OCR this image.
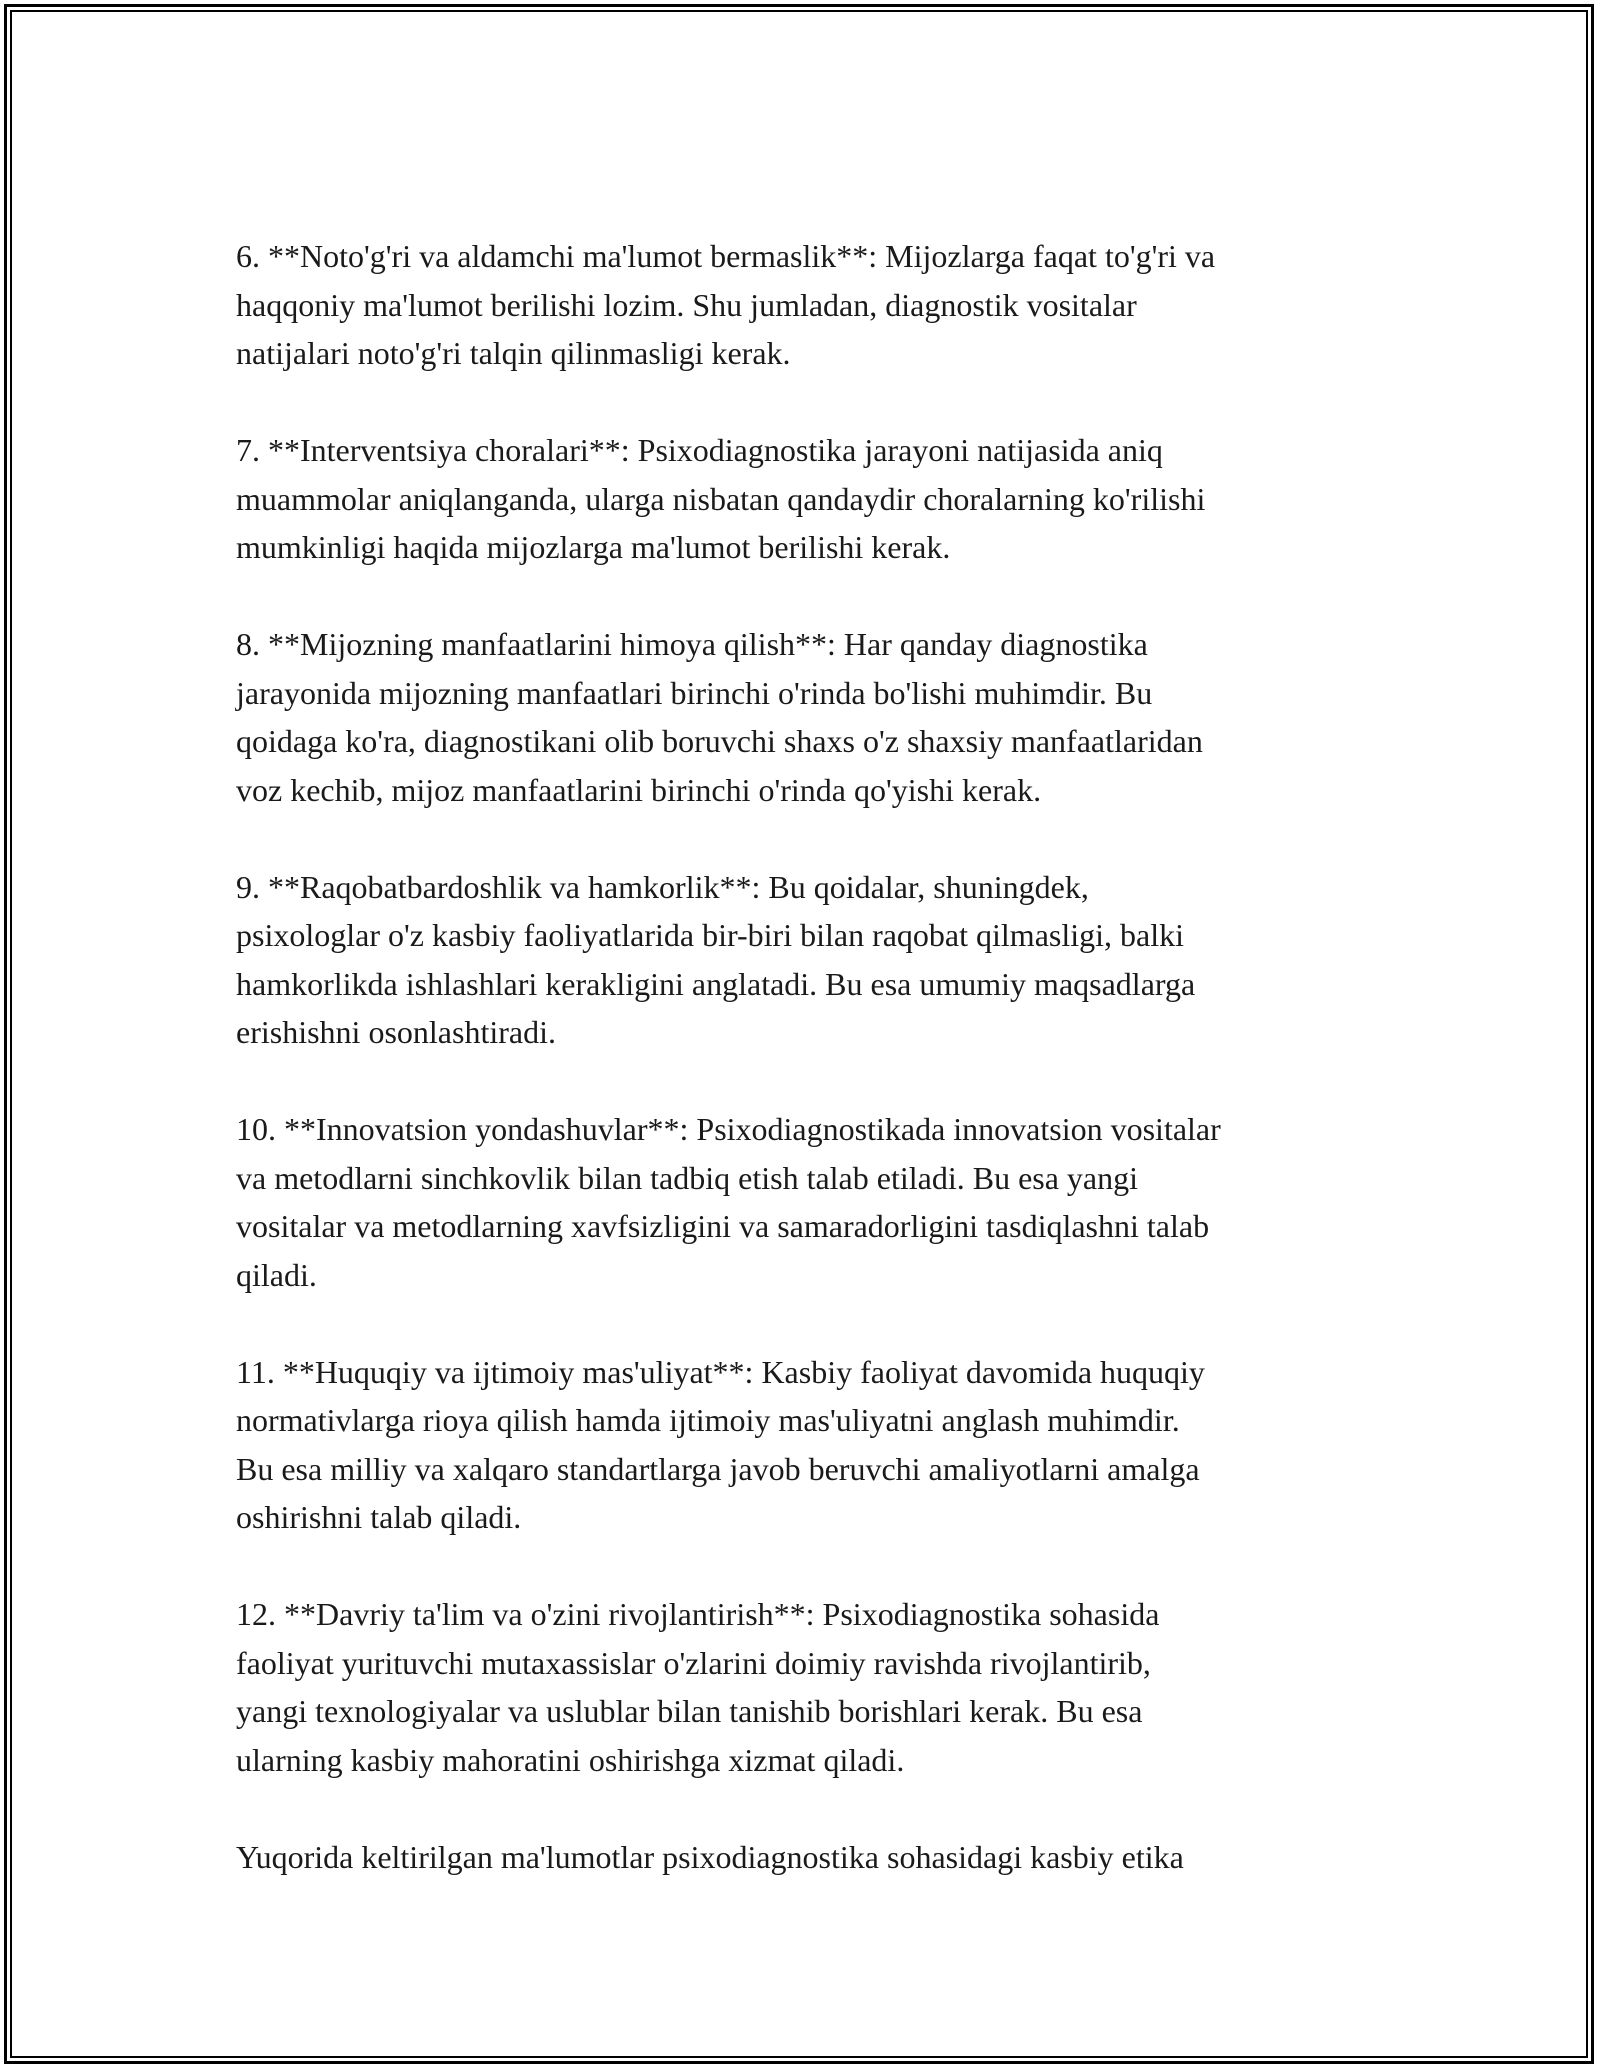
6. **Noto'g'ri va aldamchi ma'lumot bermaslik**: Mijozlarga faqat to'g'ri va
haqqoniy ma'lumot berilishi lozim. Shu jumladan, diagnostik vositalar
natijalari noto'g'ri talqin qilinmasligi kerak.

7. **Interventsiya choralari**: Psixodiagnostika jarayoni natijasida aniq
muammolar aniqlanganda, ularga nisbatan qandaydir choralarning ko'rilishi
mumkinligi haqida mijozlarga ma'lumot berilishi kerak.

8. **Mijozning manfaatlarini himoya qilish**: Har qanday diagnostika
jarayonida mijozning manfaatlari birinchi o'rinda bo'lishi muhimdir. Bu
qoidaga ko'ra, diagnostikani olib boruvchi shaxs o'z shaxsiy manfaatlaridan
voz kechib, mijoz manfaatlarini birinchi o'rinda qo'yishi kerak.

9. **Raqobatbardoshlik va hamkorlik**: Bu qoidalar, shuningdek,
psixologlar o'z kasbiy faoliyatlarida bir-biri bilan raqobat qilmasligi, balki
hamkorlikda ishlashlari kerakligini anglatadi. Bu esa umumiy maqsadlarga
erishishni osonlashtiradi.

10. **Innovatsion yondashuvlar**: Psixodiagnostikada innovatsion vositalar
va metodlarni sinchkovlik bilan tadbiq etish talab etiladi. Bu esa yangi
vositalar va metodlarning xavfsizligini va samaradorligini tasdiqlashni talab
qiladi.

11. **Huquqiy va ijtimoiy mas'uliyat**: Kasbiy faoliyat davomida huquqiy
normativlarga rioya qilish hamda ijtimoiy mas'uliyatni anglash muhimdir.
Bu esa milliy va xalqaro standartlarga javob beruvchi amaliyotlarni amalga
oshirishni talab qiladi.

12. **Davriy ta'lim va o'zini rivojlantirish**: Psixodiagnostika sohasida
faoliyat yurituvchi mutaxassislar o'zlarini doimiy ravishda rivojlantirib,
yangi texnologiyalar va uslublar bilan tanishib borishlari kerak. Bu esa
ularning kasbiy mahoratini oshirishga xizmat qiladi.

Yuqorida keltirilgan ma'lumotlar psixodiagnostika sohasidagi kasbiy etika
